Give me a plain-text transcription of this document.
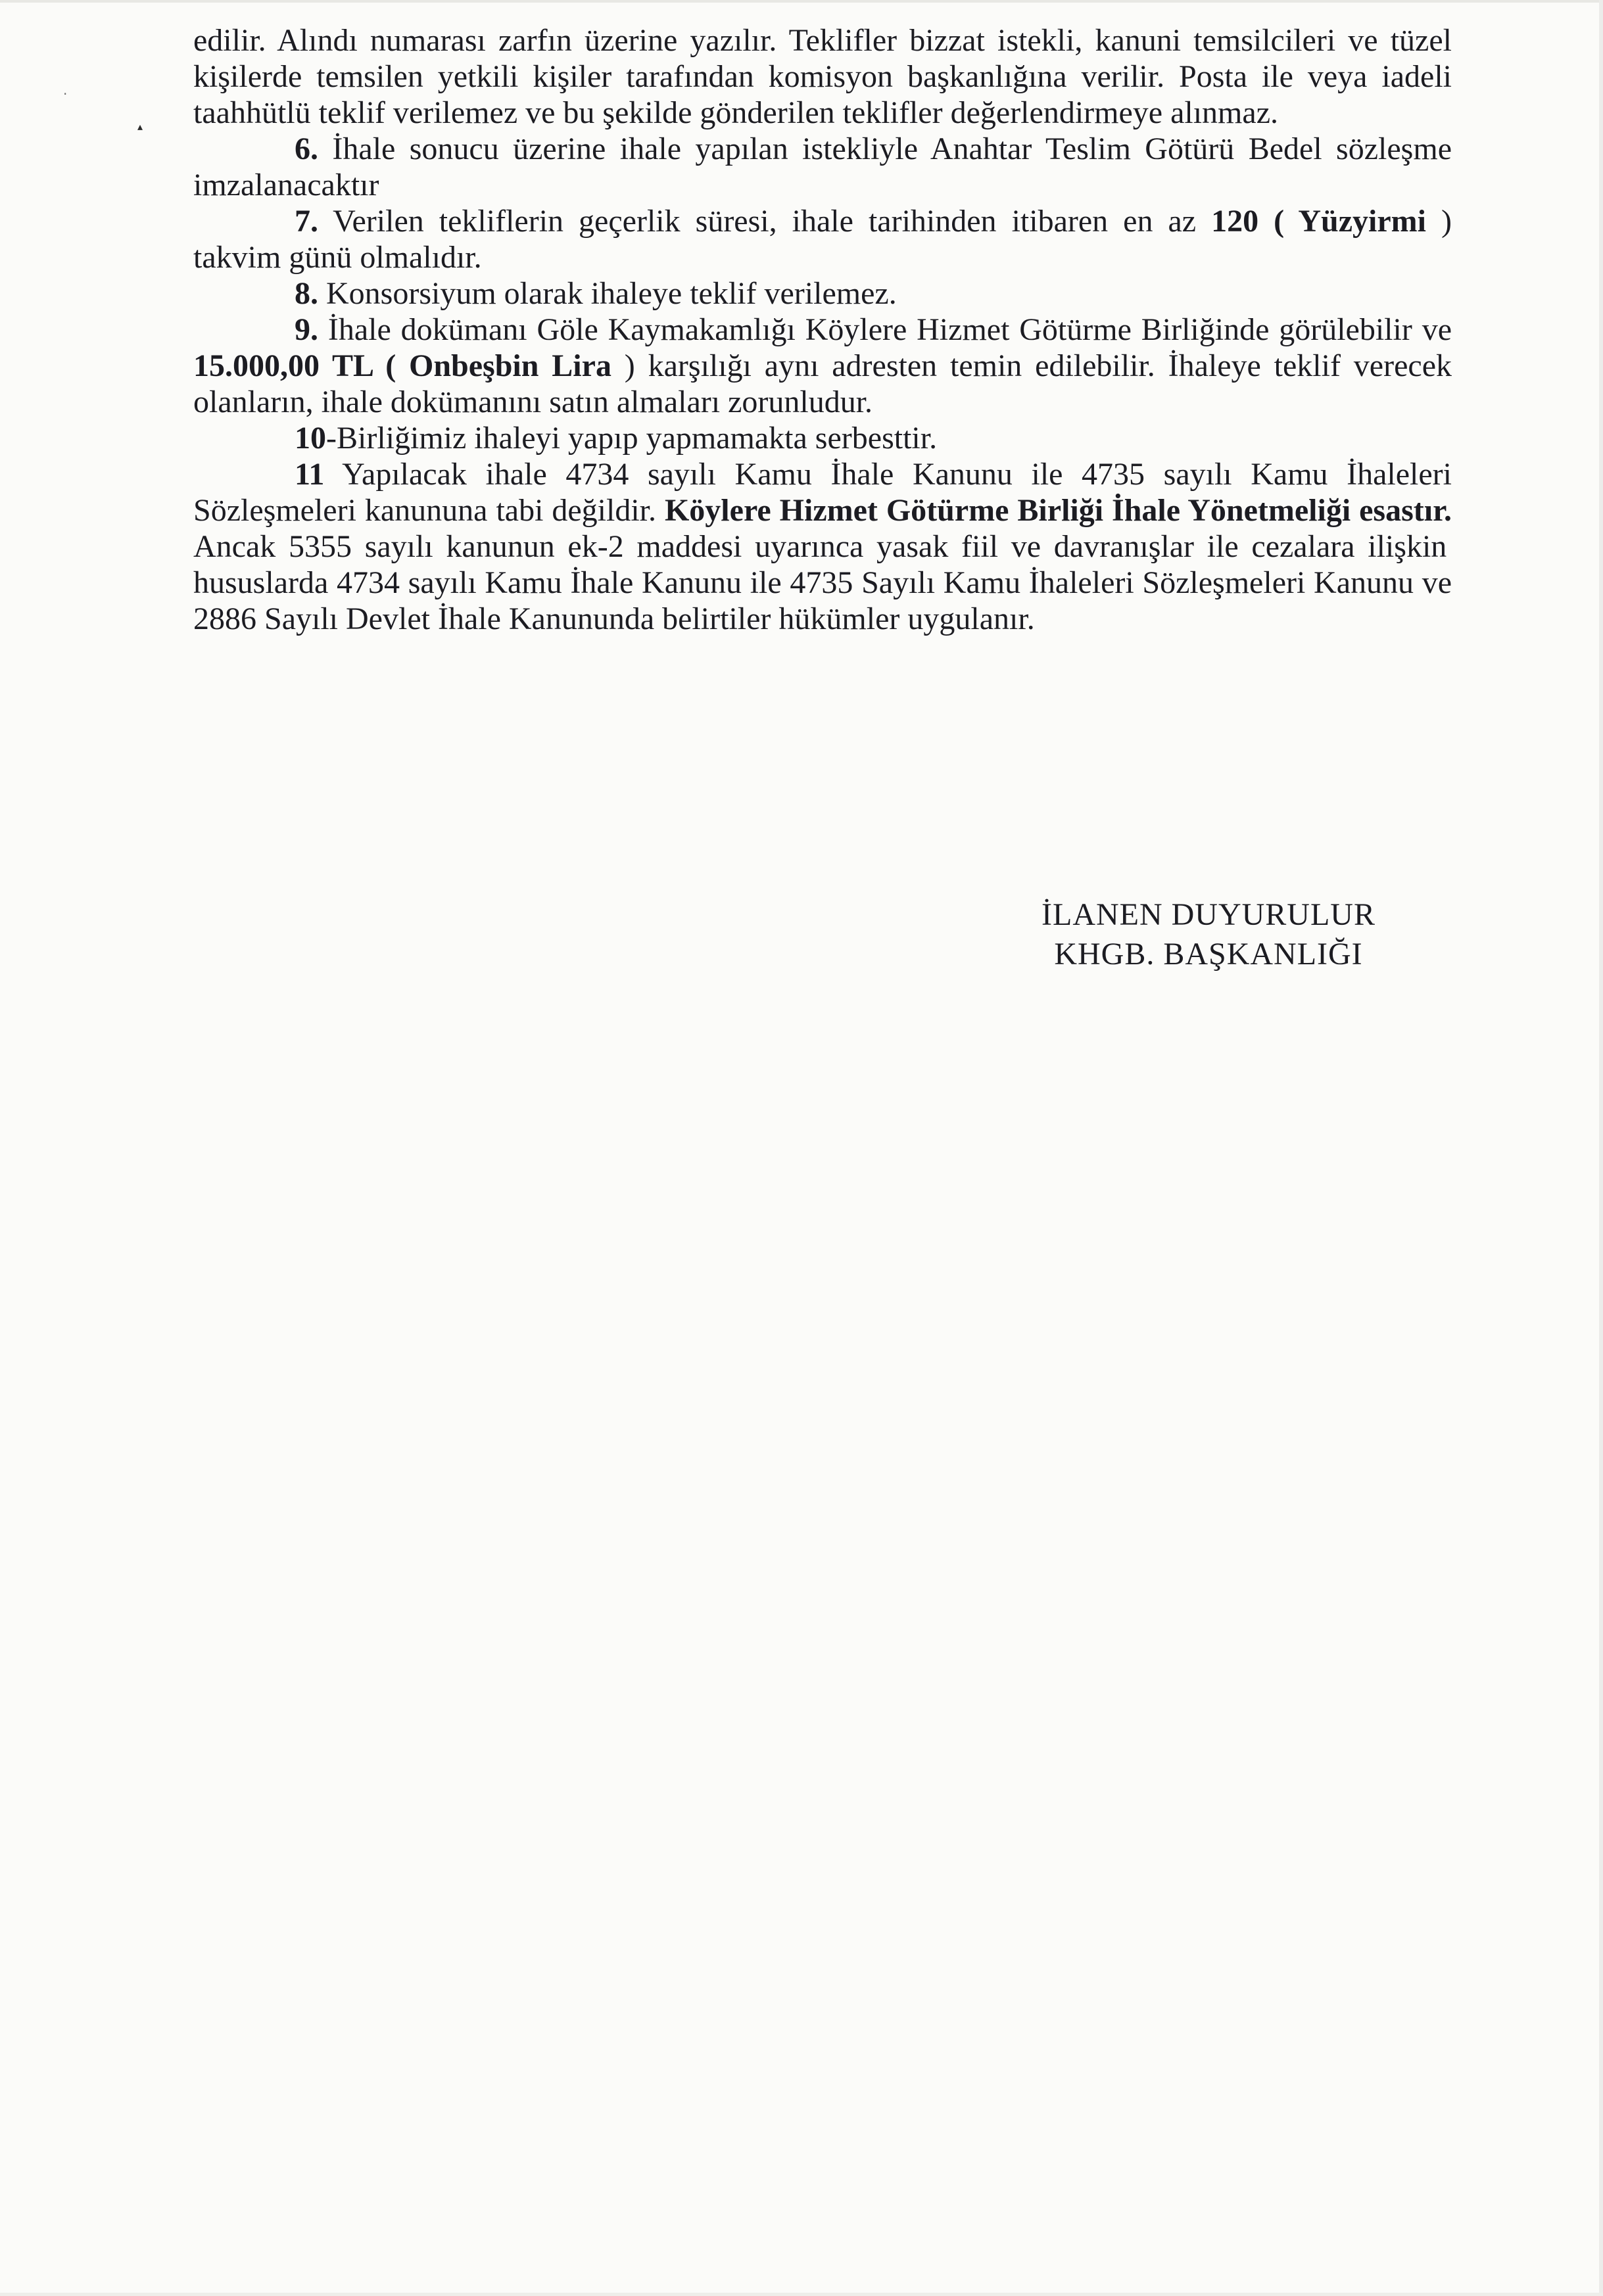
·
▴

edilir. Alındı numarası zarfın üzerine yazılır. Teklifler bizzat istekli, kanuni temsilcileri ve tüzel kişilerde temsilen yetkili kişiler tarafından komisyon başkanlığına verilir. Posta ile veya iadeli taahhütlü teklif verilemez ve bu şekilde gönderilen teklifler değerlendirmeye alınmaz.

6. İhale sonucu üzerine ihale yapılan istekliyle Anahtar Teslim Götürü Bedel sözleşme imzalanacaktır

7. Verilen tekliflerin geçerlik süresi, ihale tarihinden itibaren en az 120 ( Yüzyirmi ) takvim günü olmalıdır.

8. Konsorsiyum olarak ihaleye teklif verilemez.

9. İhale dokümanı Göle Kaymakamlığı Köylere Hizmet Götürme Birliğinde görülebilir ve 15.000,00 TL ( Onbeşbin Lira ) karşılığı aynı adresten temin edilebilir. İhaleye teklif verecek olanların, ihale dokümanını satın almaları zorunludur.

10-Birliğimiz ihaleyi yapıp yapmamakta serbesttir.

11 Yapılacak ihale 4734 sayılı Kamu İhale Kanunu ile 4735 sayılı Kamu İhaleleri Sözleşmeleri kanununa tabi değildir. Köylere Hizmet Götürme Birliği İhale Yönetmeliği esastır. Ancak 5355 sayılı kanunun ek-2 maddesi uyarınca yasak fiil ve davranışlar ile cezalara ilişkin hususlarda 4734 sayılı Kamu İhale Kanunu ile 4735 Sayılı Kamu İhaleleri Sözleşmeleri Kanunu ve 2886 Sayılı Devlet İhale Kanununda belirtiler hükümler uygulanır.

İLANEN DUYURULUR
KHGB. BAŞKANLIĞI
